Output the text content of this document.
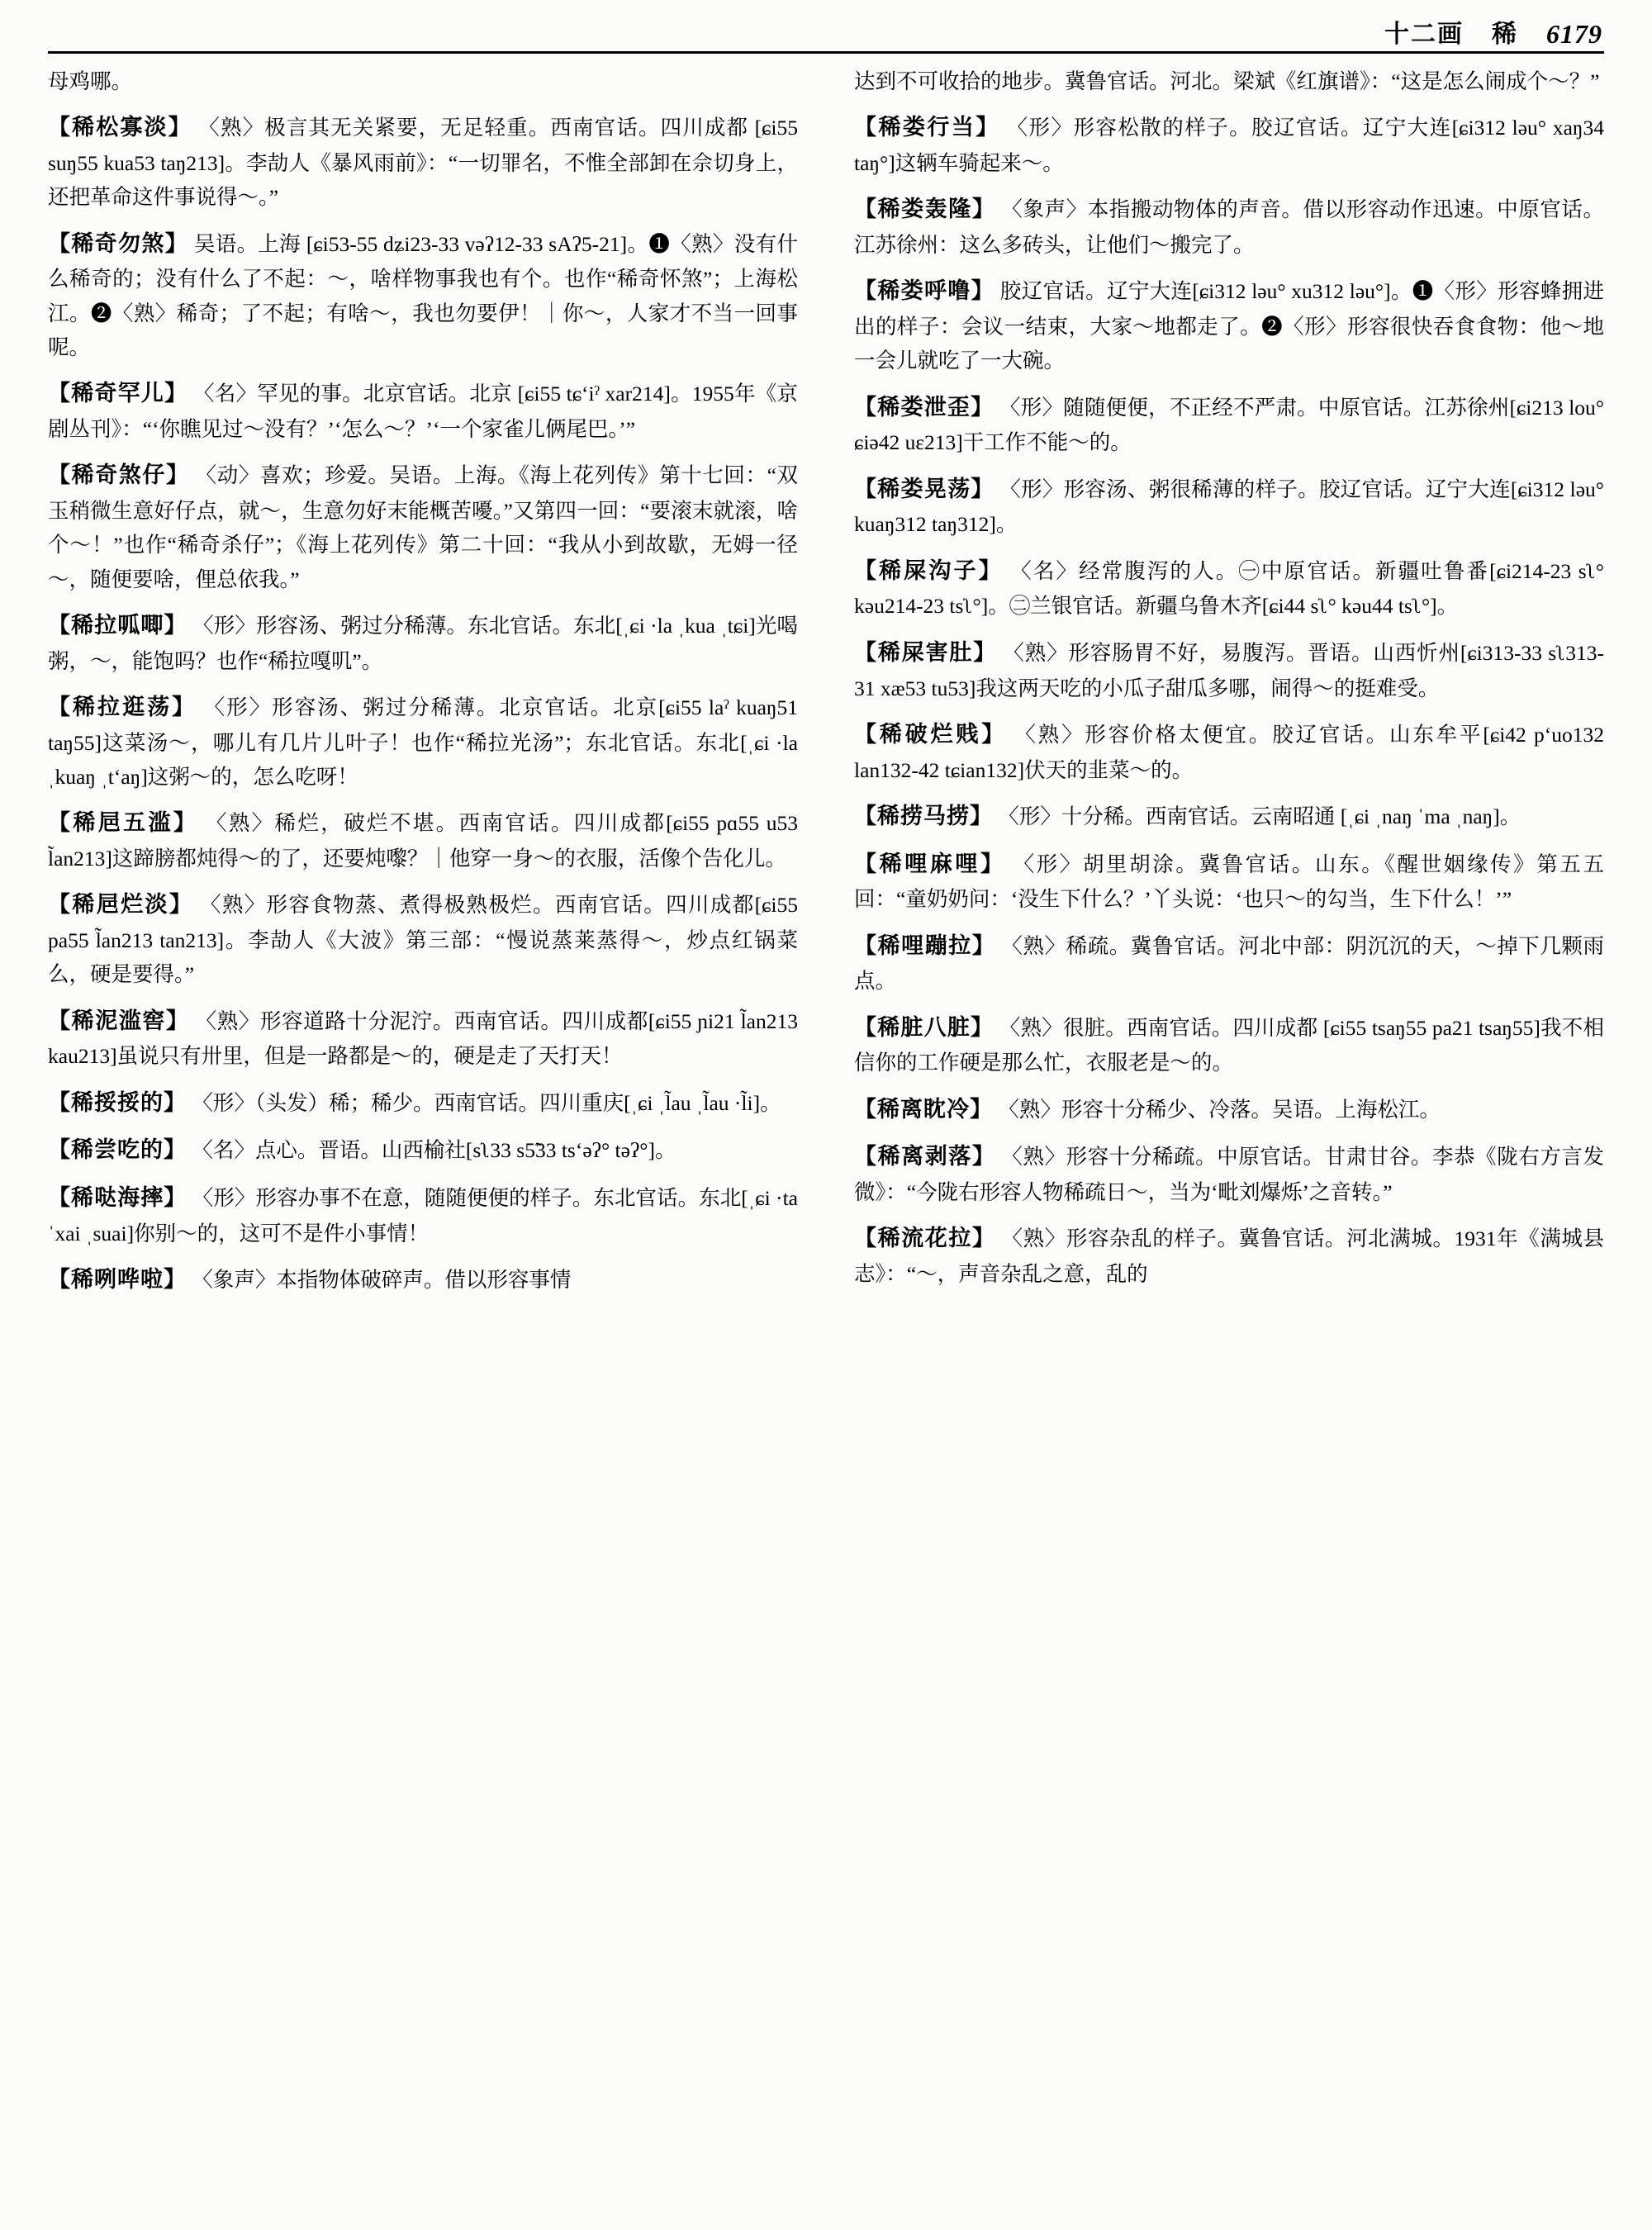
十二画 稀 6179
母鸡哪。
【稀松寡淡】 〈熟〉极言其无关紧要，无足轻重。西南官话。四川成都 [ɕi55 suŋ55 kua53 taŋ213]。李劼人《暴风雨前》：“一切罪名，不惟全部卸在佘切身上，还把革命这件事说得～。”
【稀奇勿煞】 吴语。上海 [ɕi53-55 dʑi23-33 vəʔ12-33 sAʔ5-21]。❶〈熟〉没有什么稀奇的；没有什么了不起：～，啥样物事我也有个。也作“稀奇怀煞”；上海松江。❷〈熟〉稀奇；了不起；有啥～，我也勿要伊！｜你～，人家才不当一回事呢。
【稀奇罕儿】 〈名〉罕见的事。北京官话。北京 [ɕi55 tɕʻiˀ xar214]。1955年《京剧丛刊》：“‘你瞧见过～没有？’‘怎么～？’‘一个家雀儿俩尾巴。’”
【稀奇煞仔】 〈动〉喜欢；珍爱。吴语。上海。《海上花列传》第十七回：“双玉稍微生意好仔点，就～，生意勿好末能概苦嚘。”又第四一回：“要滚末就滚，啥个～！”也作“稀奇杀仔”；《海上花列传》第二十回：“我从小到故歇，无姆一径～，随便要啥，俚总依我。”
【稀拉呱唧】 〈形〉形容汤、粥过分稀薄。东北官话。东北[ˌɕi ·la ˌkua ˌtɕi]光喝粥，～，能饱吗？也作“稀拉嘎叽”。
【稀拉逛荡】 〈形〉形容汤、粥过分稀薄。北京官话。北京[ɕi55 laˀ kuaŋ51 taŋ55]这菜汤～，哪儿有几片儿叶子！也作“稀拉光汤”；东北官话。东北[ˌɕi ·la ˌkuaŋ ˌtʻaŋ]这粥～的，怎么吃呀！
【稀㞎五滥】 〈熟〉稀烂，破烂不堪。西南官话。四川成都[ɕi55 pɑ55 u53 l̃an213]这蹄膀都炖得～的了，还要炖嚟？｜他穿一身～的衣服，活像个告化儿。
【稀㞎烂淡】 〈熟〉形容食物蒸、煮得极熟极烂。西南官话。四川成都[ɕi55 pa55 l̃an213 tan213]。李劼人《大波》第三部：“慢说蒸莱蒸得～，炒点红锅菜么，硬是要得。”
【稀泥滥窖】 〈熟〉形容道路十分泥泞。西南官话。四川成都[ɕi55 ɲi21 l̃an213 kau213]虽说只有卅里，但是一路都是～的，硬是走了天打天！
【稀挼挼的】 〈形〉（头发）稀；稀少。西南官话。四川重庆[ˌɕi ˌl̃au ˌl̃au ·l̃i]。
【稀尝吃的】 〈名〉点心。晋语。山西榆社[sʅ33 s5̃33 tsʻəʔ° təʔ°]。
【稀哒海摔】 〈形〉形容办事不在意，随随便便的样子。东北官话。东北[ˌɕi ·ta ˈxai ˌsuai]你别～的，这可不是件小事情！
【稀咧哗啦】 〈象声〉本指物体破碎声。借以形容事情
达到不可收拾的地步。冀鲁官话。河北。梁斌《红旗谱》：“这是怎么闹成个～？”
【稀娄行当】 〈形〉形容松散的样子。胶辽官话。辽宁大连[ɕi312 ləu° xaŋ34 taŋ°]这辆车骑起来～。
【稀娄轰隆】 〈象声〉本指搬动物体的声音。借以形容动作迅速。中原官话。江苏徐州：这么多砖头，让他们～搬完了。
【稀娄呼噜】 胶辽官话。辽宁大连[ɕi312 ləu° xu312 ləu°]。❶〈形〉形容蜂拥进出的样子：会议一结束，大家～地都走了。❷〈形〉形容很快吞食食物：他～地一会儿就吃了一大碗。
【稀娄泄歪】 〈形〉随随便便，不正经不严肃。中原官话。江苏徐州[ɕi213 lou° ɕiə42 uɛ213]干工作不能～的。
【稀娄晃荡】 〈形〉形容汤、粥很稀薄的样子。胶辽官话。辽宁大连[ɕi312 ləu° kuaŋ312 taŋ312]。
【稀屎沟子】 〈名〉经常腹泻的人。㊀中原官话。新疆吐鲁番[ɕi214-23 sʅ° kəu214-23 tsʅ°]。㊁兰银官话。新疆乌鲁木齐[ɕi44 sʅ° kəu44 tsʅ°]。
【稀屎害肚】 〈熟〉形容肠胃不好，易腹泻。晋语。山西忻州[ɕi313-33 sʅ313-31 xæ53 tu53]我这两天吃的小瓜子甜瓜多哪，闹得～的挺难受。
【稀破烂贱】 〈熟〉形容价格太便宜。胶辽官话。山东牟平[ɕi42 pʻuo132 lan132-42 tɕian132]伏天的韭菜～的。
【稀捞马捞】 〈形〉十分稀。西南官话。云南昭通 [ˌɕi ˌnaŋ ˈma ˌnaŋ]。
【稀哩麻哩】 〈形〉胡里胡涂。冀鲁官话。山东。《醒世姻缘传》第五五回：“童奶奶问：‘没生下什么？’丫头说：‘也只～的勾当，生下什么！’”
【稀哩蹦拉】 〈熟〉稀疏。冀鲁官话。河北中部：阴沉沉的天，～掉下几颗雨点。
【稀脏八脏】 〈熟〉很脏。西南官话。四川成都 [ɕi55 tsaŋ55 pa21 tsaŋ55]我不相信你的工作硬是那么忙，衣服老是～的。
【稀离眈冷】 〈熟〉形容十分稀少、冷落。吴语。上海松江。
【稀离剥落】 〈熟〉形容十分稀疏。中原官话。甘肃甘谷。李恭《陇右方言发微》：“今陇右形容人物稀疏日～，当为‘毗刘爆烁’之音转。”
【稀流花拉】 〈熟〉形容杂乱的样子。冀鲁官话。河北满城。1931年《满城县志》：“～，声音杂乱之意，乱的
